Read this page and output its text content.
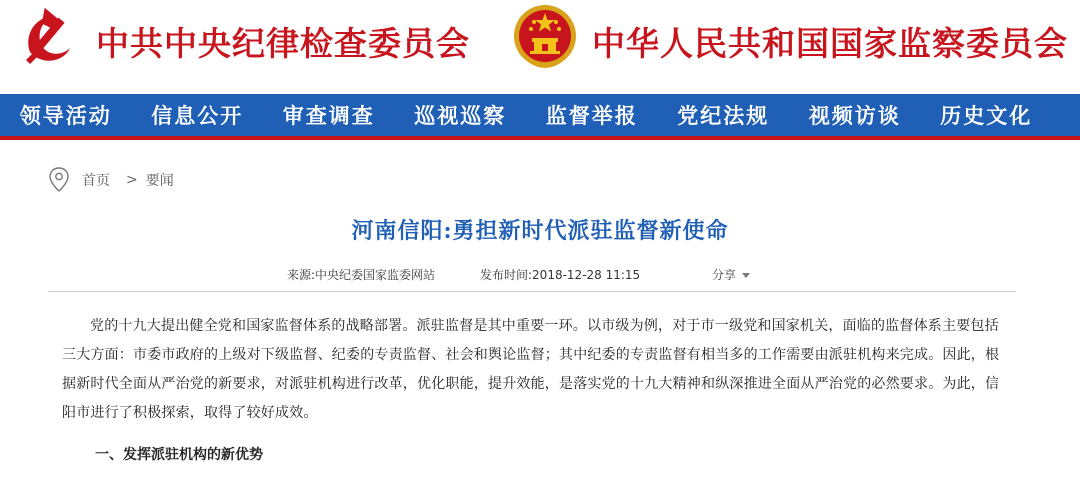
中共中央纪律检查委员会	中华人民共和国国家监察委员会
领导活动	信息公开	审查调查	巡视巡察	监督举报	党纪法规	视频访谈	历史文化
首页 > 要闻
河南信阳:勇担新时代派驻监督新使命
来源:中央纪委国家监委网站	发布时间:2018-12-28 11:15	分享

党的十九大提出健全党和国家监督体系的战略部署。派驻监督是其中重要一环。以市级为例，对于市一级党和国家机关，面临的监督体系主要包括三大方面：市委市政府的上级对下级监督、纪委的专责监督、社会和舆论监督；其中纪委的专责监督有相当多的工作需要由派驻机构来完成。因此，根据新时代全面从严治党的新要求，对派驻机构进行改革，优化职能，提升效能，是落实党的十九大精神和纵深推进全面从严治党的必然要求。为此，信阳市进行了积极探索，取得了较好成效。

一、发挥派驻机构的新优势
